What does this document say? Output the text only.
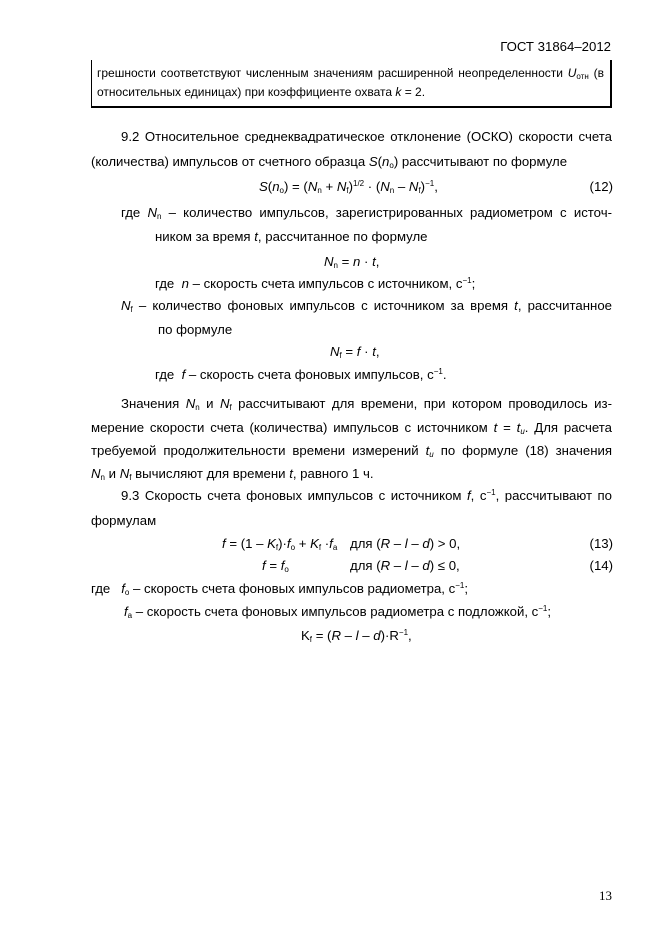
ГОСТ 31864–2012
грешности соответствуют численным значениям расширенной неопределенности $U_{отн}$ (в
относительных единицах) при коэффициенте охвата k = 2.
9.2 Относительное среднеквадратическое отклонение (ОСКО) скорости счета
(количества) импульсов от счетного образца $S(n_o)$ рассчитывают по формуле
$S(n_o) = (N_n + N_f)^{1/2} \cdot (N_n - N_f)^{-1}$,	(12)
где $N_n$ – количество импульсов, зарегистрированных радиометром с источ-
ником за время t, рассчитанное по формуле
$N_n = n \cdot t$,
где n – скорость счета импульсов с источником, $с^{-1}$;
$N_f$ – количество фоновых импульсов с источником за время t, рассчитанное
по формуле
$N_f = f \cdot t$,
где f – скорость счета фоновых импульсов, $с^{-1}$.
Значения $N_n$ и $N_f$ рассчитывают для времени, при котором проводилось из-
мерение скорости счета (количества) импульсов с источником $t = t_и$. Для расчета
требуемой продолжительности времени измерений $t_и$ по формуле (18) значения
$N_n$ и $N_f$ вычисляют для времени t, равного 1 ч.
9.3 Скорость счета фоновых импульсов с источником f, $с^{-1}$, рассчитывают по
формулам
$f = (1 - K_f)\cdot f_o + K_f \cdot f_a$ для (R – l – d) > 0,	(13)
$f = f_o$	для (R – l – d) ≤ 0,	(14)
где $f_o$ – скорость счета фоновых импульсов радиометра, $с^{-1}$;
$f_a$ – скорость счета фоновых импульсов радиометра с подложкой, $с^{-1}$;
$K_f = (R - l - d)\cdot R^{-1}$,
13
